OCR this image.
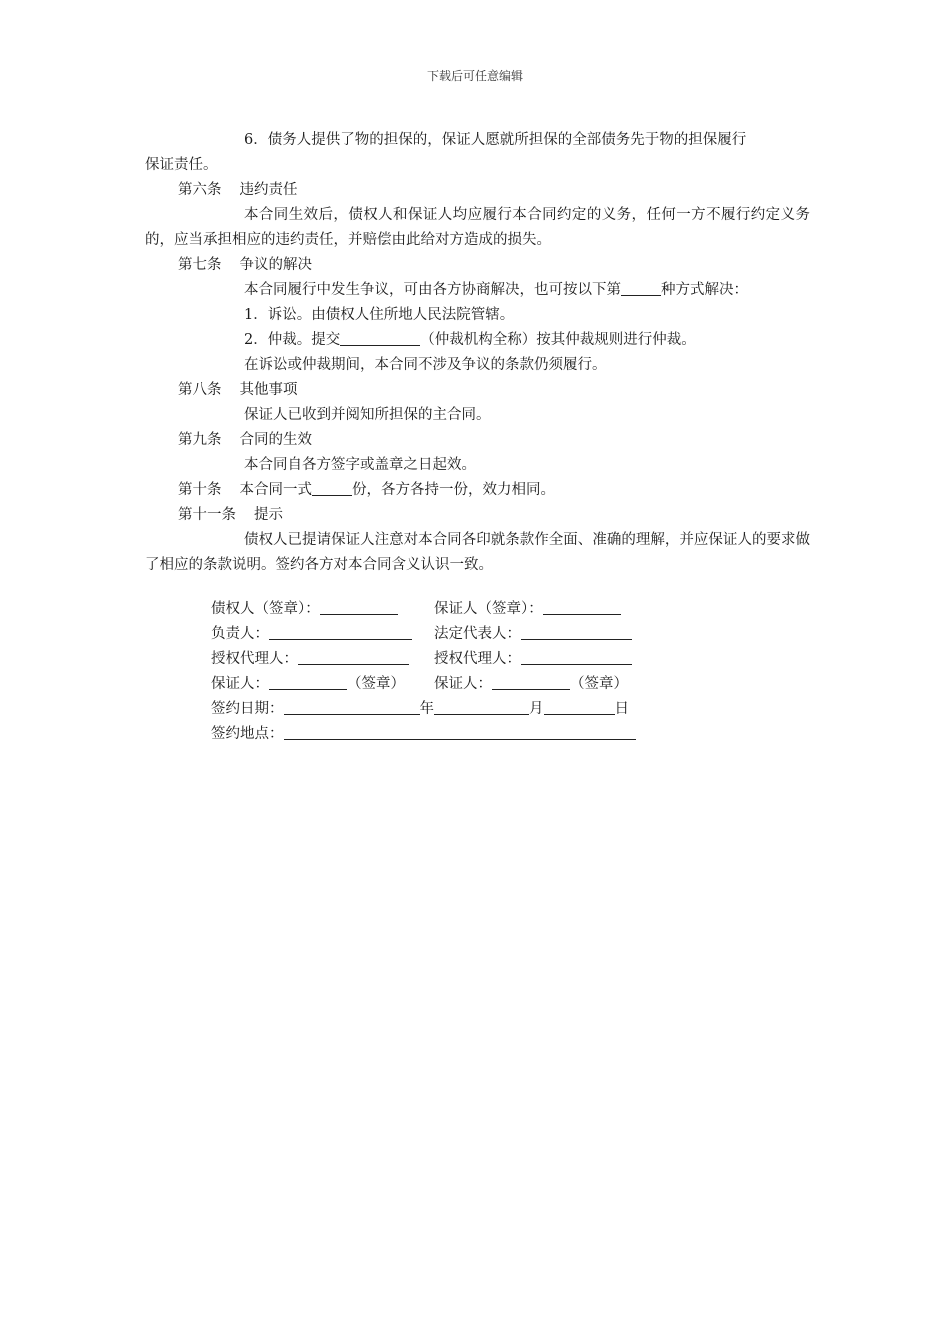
下载后可任意编辑
6．债务人提供了物的担保的，保证人愿就所担保的全部债务先于物的担保履行
保证责任。
第六条 违约责任
本合同生效后，债权人和保证人均应履行本合同约定的义务，任何一方不履行约定义务的，应当承担相应的违约责任，并赔偿由此给对方造成的损失。
第七条 争议的解决
本合同履行中发生争议，可由各方协商解决，也可按以下第	种方式解决：
1．诉讼。由债权人住所地人民法院管辖。
2．仲裁。提交	（仲裁机构全称）按其仲裁规则进行仲裁。
在诉讼或仲裁期间，本合同不涉及争议的条款仍须履行。
第八条 其他事项
保证人已收到并阅知所担保的主合同。
第九条 合同的生效
本合同自各方签字或盖章之日起效。
第十条 本合同一式	份，各方各持一份，效力相同。
第十一条 提示
债权人已提请保证人注意对本合同各印就条款作全面、准确的理解，并应保证人的要求做了相应的条款说明。签约各方对本合同含义认识一致。
债权人（签章）：	保证人（签章）：
负责人：	法定代表人：
授权代理人：	授权代理人：
保证人：	（签章） 保证人：	（签章）
签约日期：	年	月	日
签约地点：
